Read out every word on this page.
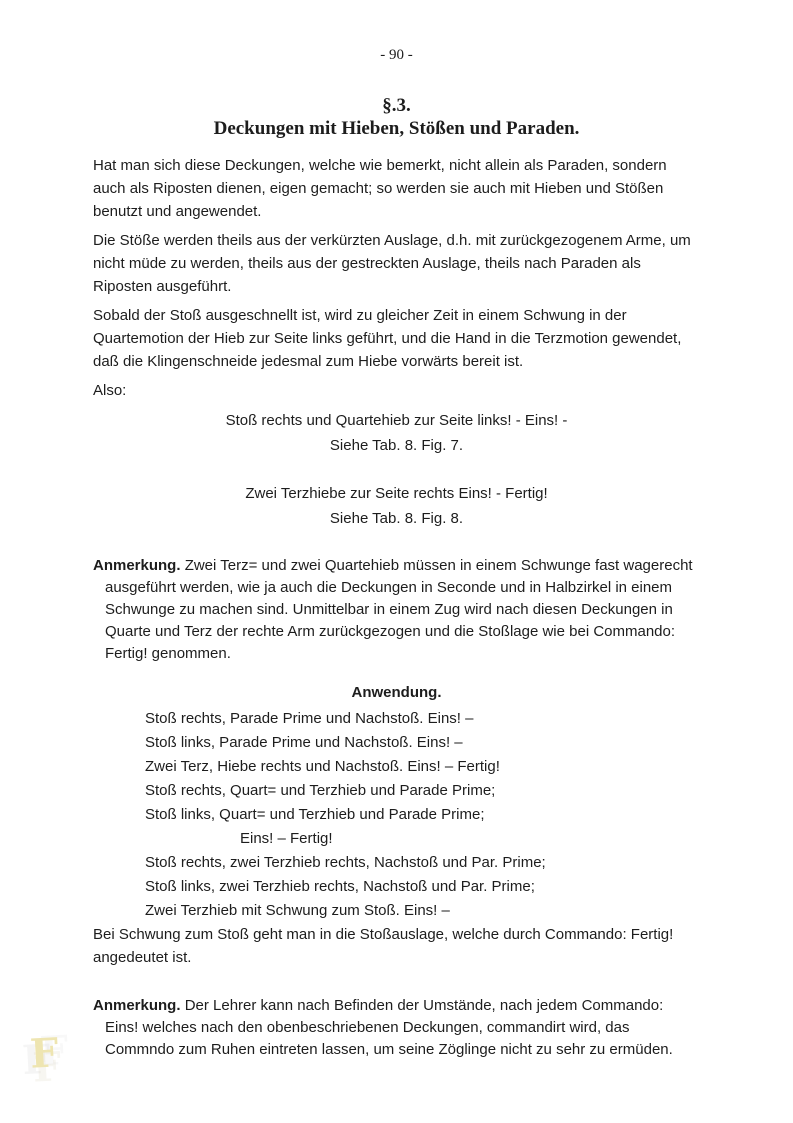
- 90 -
§.3.
Deckungen mit Hieben, Stößen und Paraden.

Hat man sich diese Deckungen, welche wie bemerkt, nicht allein als Paraden, sondern auch als Riposten dienen, eigen gemacht; so werden sie auch mit Hieben und Stößen benutzt und angewendet.

Die Stöße werden theils aus der verkürzten Auslage, d.h. mit zurückgezogenem Arme, um nicht müde zu werden, theils aus der gestreckten Auslage, theils nach Paraden als Riposten ausgeführt.

Sobald der Stoß ausgeschnellt ist, wird zu gleicher Zeit in einem Schwung in der Quartemotion der Hieb zur Seite links geführt, und die Hand in die Terzmotion gewendet, daß die Klingenschneide jedesmal zum Hiebe vorwärts bereit ist.

Also:

Stoß rechts und Quartehieb zur Seite links! - Eins! -

Siehe Tab. 8. Fig. 7.

Zwei Terzhiebe zur Seite rechts Eins! - Fertig!

Siehe Tab. 8. Fig. 8.

Anmerkung. Zwei Terz= und zwei Quartehieb müssen in einem Schwunge fast wagerecht ausgeführt werden, wie ja auch die Deckungen in Seconde und in Halbzirkel in einem Schwunge zu machen sind. Unmittelbar in einem Zug wird nach diesen Deckungen in Quarte und Terz der rechte Arm zurückgezogen und die Stoßlage wie bei Commando: Fertig! genommen.

Anwendung.
Stoß rechts, Parade Prime und Nachstoß. Eins! –
Stoß links, Parade Prime und Nachstoß. Eins! –
Zwei Terz, Hiebe rechts und Nachstoß. Eins! – Fertig!
Stoß rechts, Quart= und Terzhieb und Parade Prime;
Stoß links, Quart= und Terzhieb und Parade Prime;
Eins! – Fertig!
Stoß rechts, zwei Terzhieb rechts, Nachstoß und Par. Prime;
Stoß links, zwei Terzhieb rechts, Nachstoß und Par. Prime;
Zwei Terzhieb mit Schwung zum Stoß. Eins! –

Bei Schwung zum Stoß geht man in die Stoßauslage, welche durch Commando: Fertig! angedeutet ist.

Anmerkung. Der Lehrer kann nach Befinden der Umstände, nach jedem Commando: Eins! welches nach den obenbeschriebenen Deckungen, commandirt wird, das Commndo zum Ruhen eintreten lassen, um seine Zöglinge nicht zu sehr zu ermüden.

F
